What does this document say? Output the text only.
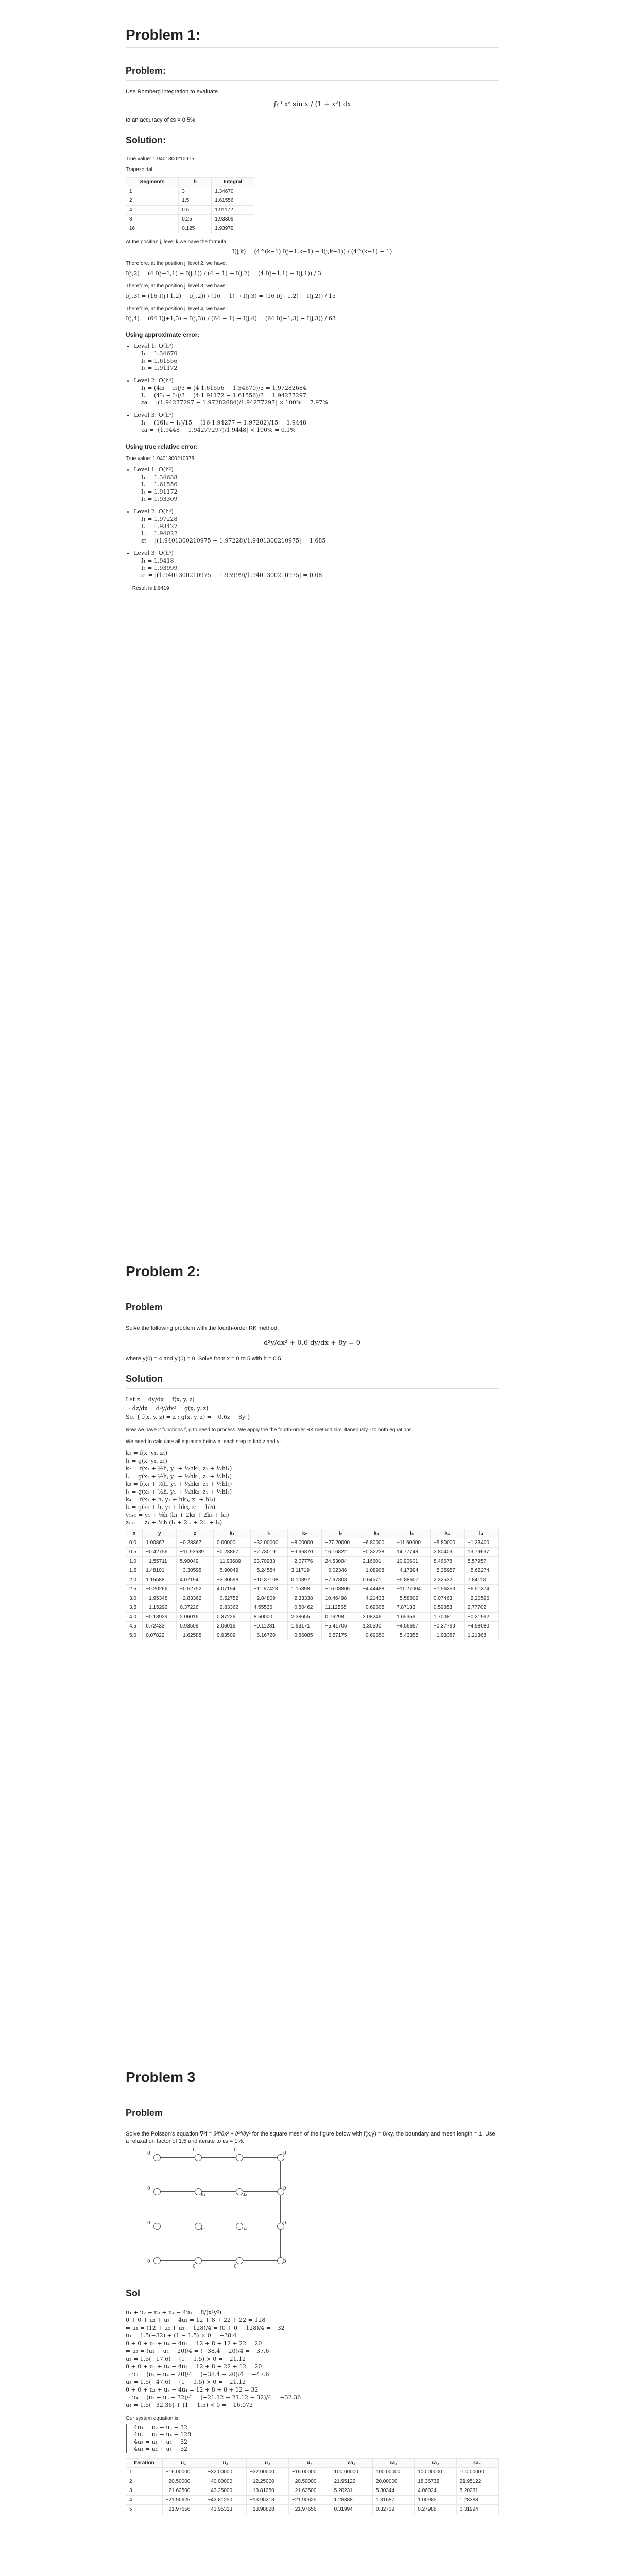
Problem 1:
Problem:
Use Romberg integration to evaluate
∫₀³ xᵉ sin x / (1 + x²) dx
to an accuracy of εs = 0.5%.
Solution:
True value: 1.9401300210975
Trapezoidal
Segments	h	Integral
1	3	1.34670
2	1.5	1.61556
4	0.5	1.91172
8	0.25	1.93309
16	0.125	1.93979
At the position j, level k we have the formula:
I(j,k) = (4^(k−1) I(j+1,k−1) − I(j,k−1)) / (4^(k−1) − 1)
Therefore, at the position j, level 2, we have:
I(j,2) = (4 I(j+1,1) − I(j,1)) / (4 − 1) → I(j,2) = (4 I(j+1,1) − I(j,1)) / 3
Therefore, at the position j, level 3, we have:
I(j,3) = (16 I(j+1,2) − I(j,2)) / (16 − 1) → I(j,3) = (16 I(j+1,2) − I(j,2)) / 15
Therefore, at the position j, level 4, we have:
I(j,4) = (64 I(j+1,3) − I(j,3)) / (64 − 1) → I(j,4) = (64 I(j+1,3) − I(j,3)) / 63
Using approximate error:
• Level 1: O(h²)
I₁ = 1.34670
I₂ = 1.61556
I₃ = 1.91172
• Level 2: O(h⁴)
I₁ = (4I₂ − I₁)/3 = (4·1.61556 − 1.34670)/3 = 1.97282684
I₂ = (4I₃ − I₂)/3 = (4·1.91172 − 1.61556)/3 = 1.94277297
εa = |(1.94277297 − 1.97282684)/1.94277297| × 100% = 7.97%
• Level 3: O(h⁶)
I₁ = (16I₂ − I₁)/15 = (16·1.94277 − 1.97282)/15 = 1.9448
εa = |(1.9448 − 1.94277297)/1.9448| × 100% = 0.1%
Using true relative error:
True value: 1.9401300210975
• Level 1: O(h²)
I₁ = 1.34638
I₂ = 1.61556
I₃ = 1.91172
I₄ = 1.93309
• Level 2: O(h⁴)
I₁ = 1.97228
I₂ = 1.93427
I₃ = 1.94022
εt = |(1.9401300210975 − 1.97228)/1.9401300210975| = 1.685
• Level 3: O(h⁶)
I₁ = 1.9418
I₂ = 1.93999
εt = |(1.9401300210975 − 1.93999)/1.9401300210975| = 0.08
→ Result is 1.9419
Problem 2:
Problem
Solve the following problem with the fourth-order RK method:
d²y/dx² + 0.6 dy/dx + 8y = 0
where y(0) = 4 and y′(0) = 0. Solve from x = 0 to 5 with h = 0.5.
Solution
Let z = dy/dx = f(x, y, z)
⇒ dz/dx = d²y/dx² = g(x, y, z)
So, { f(x, y, z) = z ; g(x, y, z) = −0.6z − 8y }
Now we have 2 functions f, g to need to process. We apply the the fourth-order RK method simultaneously - to both equations.
We need to calculate all equation below at each step to find z and y:
k₁ = f(x, y₁, z₁)
l₁ = g(x, y₁, z₁)
k₂ = f(x₁ + ½h, y₁ + ½hk₁, z₁ + ½hl₁)
l₂ = g(x₁ + ½h, y₁ + ½hk₁, z₁ + ½hl₁)
k₃ = f(x₁ + ½h, y₁ + ½hk₂, z₁ + ½hl₂)
l₃ = g(x₁ + ½h, y₁ + ½hk₂, z₁ + ½hl₂)
k₄ = f(x₁ + h, y₁ + hk₃, z₁ + hl₃)
l₄ = g(x₁ + h, y₁ + hk₃, z₁ + hl₃)
y₁₊₁ = y₁ + ⅙h (k₁ + 2k₂ + 2k₃ + k₄)
z₁₊₁ = z₁ + ⅙h (l₁ + 2l₂ + 2l₃ + l₄)
x	y	z	k₁	l₁	k₂	l₂	k₃	l₃	k₄	l₄
0.0	1.00867	−0.28867	0.00000	−32.00000	−8.00000	−27.20000	−6.80000	−11.60000	−5.80000	−1.33400
0.5	−0.42756	−11.93689	−0.28867	−2.73019	−9.96870	16.16822	−0.32238	14.77748	2.80403	13.79637
1.0	−1.55711	5.90049	−11.93689	23.70983	−2.07776	24.53004	2.16601	10.90601	8.46678	5.57957
1.5	1.48101	−3.30598	−5.90049	−5.24554	3.11719	−0.02346	−1.08908	−4.17394	−5.35957	−5.62274
2.0	1.15588	4.07194	−3.30598	−10.37108	0.10897	−7.97808	0.64571	−5.88607	2.32532	7.84118
2.5	−0.20266	−0.52752	4.07194	−11.67423	1.15398	−16.08806	−4.44488	−11.27004	−1.56353	−6.51374
3.0	−1.95348	−2.83362	−0.52752	−2.04809	−2.33338	10.46498	−4.21433	−5.58802	0.07463	−2.20596
3.5	−1.15292	0.37226	−2.83362	4.55536	−0.50462	11.12565	−0.69605	7.87133	0.59853	2.77702
4.0	−0.18929	2.06016	0.37226	8.50000	2.38655	0.76298	2.08246	1.65359	1.70081	−0.31992
4.5	0.72433	0.93509	2.06016	−0.11281	1.93171	−5.41706	1.30590	−4.56697	−0.37799	−4.98080
5.0	0.07822	−1.62588	0.93509	−6.16720	−0.86085	−6.57175	−0.69650	−5.43355	−1.93387	1.21368
Problem 3
Problem
Solve the Poisson's equation ∇²f = ∂²f/∂x² + ∂²f/∂y² for the square mesh of the figure below with f(x,y) = 8/xy, the boundary and mesh length = 1. Use a relaxation factor of 1.5 and iterate to εs = 1%.
0
0	0
0
0	0
0	0
0
0	0
0
u₁	u₂
u₃	u₄
Sol
u₁ + u₂ + u₃ + u₄ − 4u₁ = 8/(x²y²)
0 + 0 + u₂ + u₃ − 4u₁ = 12 + 8 + 22 + 22 = 128
⇒ u₁ = (12 + u₂ + u₃ − 128)/4 = (0 + 0 − 128)/4 = −32
u₁ = 1.5(−32) + (1 − 1.5) × 0 = −38.4
0 + 0 + u₁ + u₄ − 4u₂ = 12 + 8 + 12 + 22 = 20
⇒ u₂ = (u₁ + u₄ − 20)/4 = (−38.4 − 20)/4 = −37.6
u₂ = 1.5(−17.6) + (1 − 1.5) × 0 = −21.12
0 + 0 + u₁ + u₄ − 4u₃ = 12 + 8 + 22 + 12 = 20
⇒ u₃ = (u₁ + u₄ − 20)/4 = (−38.4 − 20)/4 = −47.6
u₃ = 1.5(−47.6) + (1 − 1.5) × 0 = −21.12
0 + 0 + u₂ + u₃ − 4u₄ = 12 + 8 + 8 + 12 = 32
⇒ u₄ = (u₂ + u₃ − 32)/4 = (−21.12 − 21.12 − 32)/4 = −32.36
u₄ = 1.5(−32.36) + (1 − 1.5) × 0 = −16.072
Our system equation is:
4u₁ = u₂ + u₃ − 32
4u₂ = u₁ + u₄ − 128
4u₃ = u₁ + u₄ − 32
4u₄ = u₂ + u₃ − 32
Iteration	u₁	u₂	u₃	u₄	εa₁	εa₂	εa₃	εa₄
1	−16.00000	−32.00000	−32.00000	−16.00000	100.00000	100.00000	100.00000	100.00000
2	−20.50000	−40.00000	−12.25000	−20.50000	21.95122	20.00000	18.36735	21.95122
3	−21.62500	−43.25000	−13.81250	−21.62500	5.20231	5.30344	4.06024	5.20231
4	−21.90625	−43.81250	−13.95313	−21.90625	1.28388	1.31687	1.00985	1.28388
5	−21.97656	−43.95313	−13.98828	−21.97656	0.31994	0.32739	0.27988	0.31994
